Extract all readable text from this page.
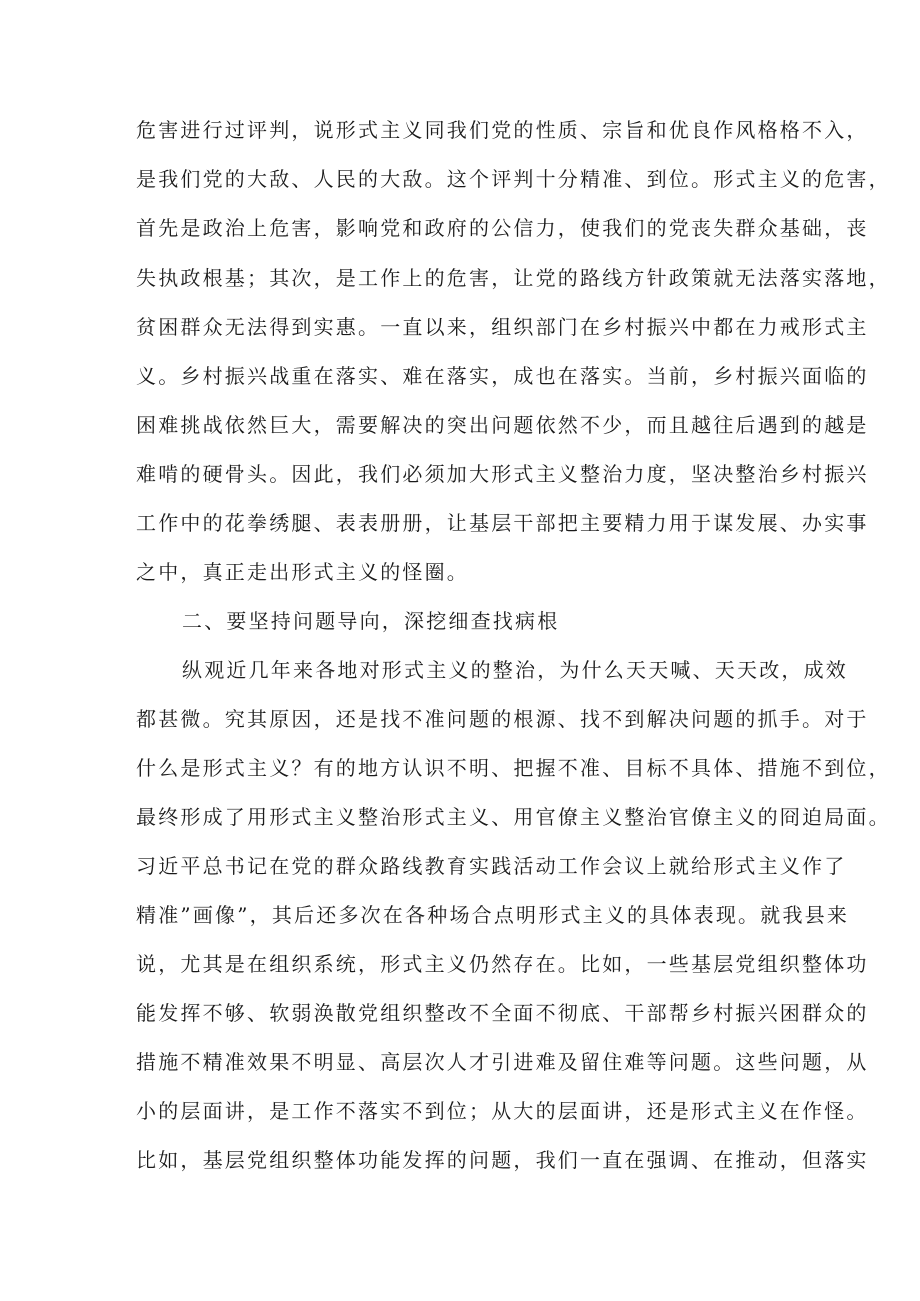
危害进行过评判，说形式主义同我们党的性质、宗旨和优良作风格格不入，
是我们党的大敌、人民的大敌。这个评判十分精准、到位。形式主义的危害，
首先是政治上危害，影响党和政府的公信力，使我们的党丧失群众基础，丧
失执政根基；其次，是工作上的危害，让党的路线方针政策就无法落实落地，
贫困群众无法得到实惠。一直以来，组织部门在乡村振兴中都在力戒形式主
义。乡村振兴战重在落实、难在落实，成也在落实。当前，乡村振兴面临的
困难挑战依然巨大，需要解决的突出问题依然不少，而且越往后遇到的越是
难啃的硬骨头。因此，我们必须加大形式主义整治力度，坚决整治乡村振兴
工作中的花拳绣腿、表表册册，让基层干部把主要精力用于谋发展、办实事
之中，真正走出形式主义的怪圈。
二、要坚持问题导向，深挖细查找病根
纵观近几年来各地对形式主义的整治，为什么天天喊、天天改，成效
都甚微。究其原因，还是找不准问题的根源、找不到解决问题的抓手。对于
什么是形式主义？有的地方认识不明、把握不准、目标不具体、措施不到位，
最终形成了用形式主义整治形式主义、用官僚主义整治官僚主义的冏迫局面。
习近平总书记在党的群众路线教育实践活动工作会议上就给形式主义作了
精准”画像”，其后还多次在各种场合点明形式主义的具体表现。就我县来
说，尤其是在组织系统，形式主义仍然存在。比如，一些基层党组织整体功
能发挥不够、软弱涣散党组织整改不全面不彻底、干部帮乡村振兴困群众的
措施不精准效果不明显、高层次人才引进难及留住难等问题。这些问题，从
小的层面讲，是工作不落实不到位；从大的层面讲，还是形式主义在作怪。
比如，基层党组织整体功能发挥的问题，我们一直在强调、在推动，但落实
